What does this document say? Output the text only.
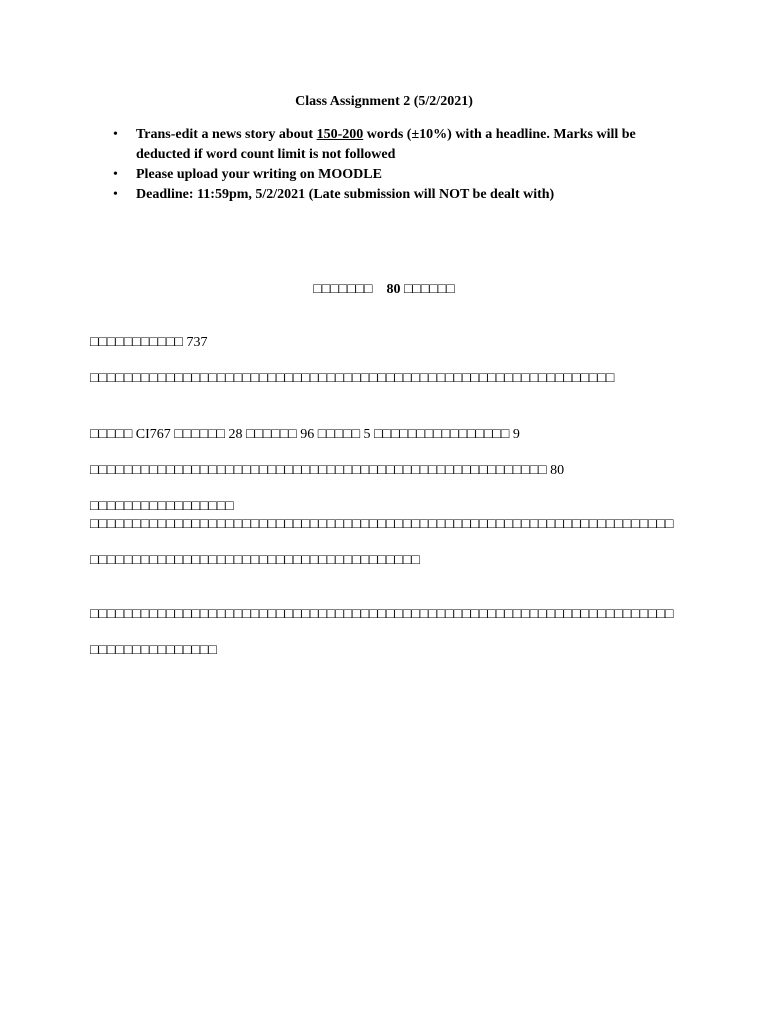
Class Assignment 2 (5/2/2021)
• Trans-edit a news story about 150-200 words (±10%) with a headline. Marks will be deducted if word count limit is not followed
• Please upload your writing on MOODLE
• Deadline: 11:59pm, 5/2/2021 (Late submission will NOT be dealt with)
□□□□□□□    80 □□□□□□

□□□□□□□□□□□ 737 □□□□□□□□□□□□□□□□□□□□□□□□□□□□□□□□□□□□□□□□□□□□□□□□□□□□□□□□□□□□□□

□□□□□ CI767 □□□□□□ 28 □□□□□□ 96 □□□□□ 5 □□□□□□□□□□□□□□□□ 9 □□□□□□□□□□□□□□□□□□□□□□□□□□□□□□□□□□□□□□□□□□□□□□□□□□□□□□ 80 □□□□□□□□□□□□□□□□□

□□□□□□□□□□□□□□□□□□□□□□□□□□□□□□□□□□□□□□□□□□□□□□□□□□□□□□□□□□□□□□□□□□□□□□□□□□□□□□□□□□□□□□□□□□□□□□□□□□□□□□□□□□□□

□□□□□□□□□□□□□□□□□□□□□□□□□□□□□□□□□□□□□□□□□□□□□□□□□□□□□□□□□□□□□□□□□□□□□□□□□□□□□□□□□□□□
